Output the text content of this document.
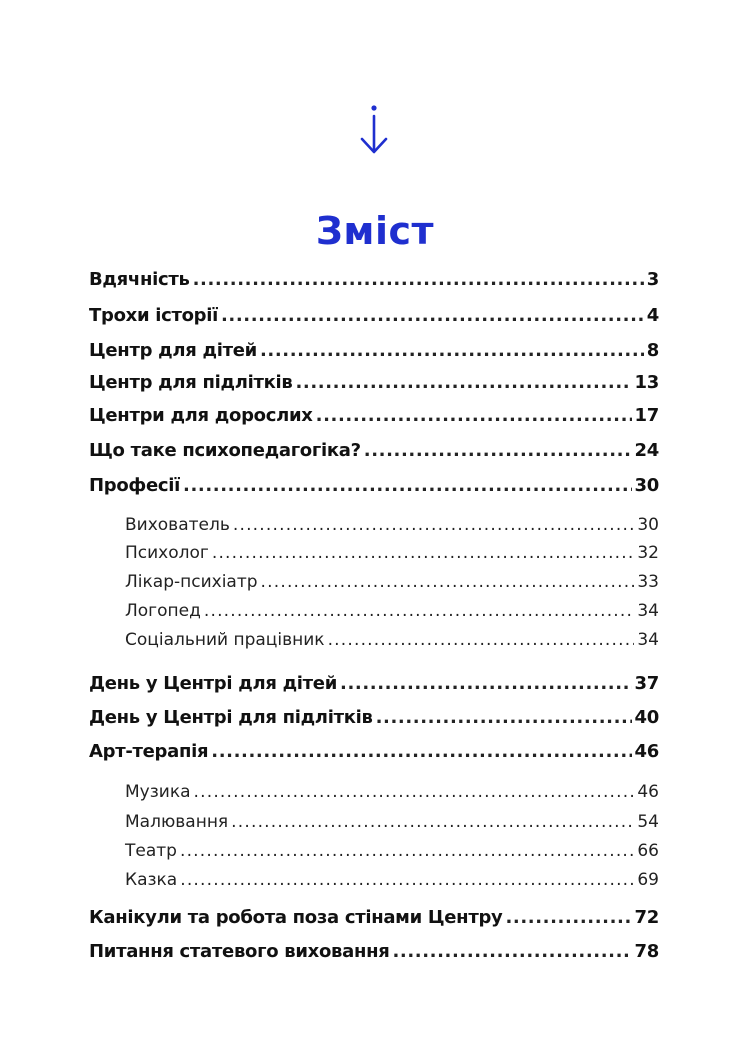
Зміст
Вдячність .....	3
Трохи історії .....	4
Центр для дітей .....	8
Центр для підлітків .....	13
Центри для дорослих .....	17
Що таке психопедагогіка? .....	24
Професії .....	30
Вихователь .....	30
Психолог .....	32
Лікар-психіатр .....	33
Логопед .....	34
Соціальний працівник .....	34
День у Центрі для дітей .....	37
День у Центрі для підлітків .....	40
Арт-терапія .....	46
Музика .....	46
Малювання .....	54
Театр .....	66
Казка .....	69
Канікули та робота поза стінами Центру .....	72
Питання статевого виховання .....	78
